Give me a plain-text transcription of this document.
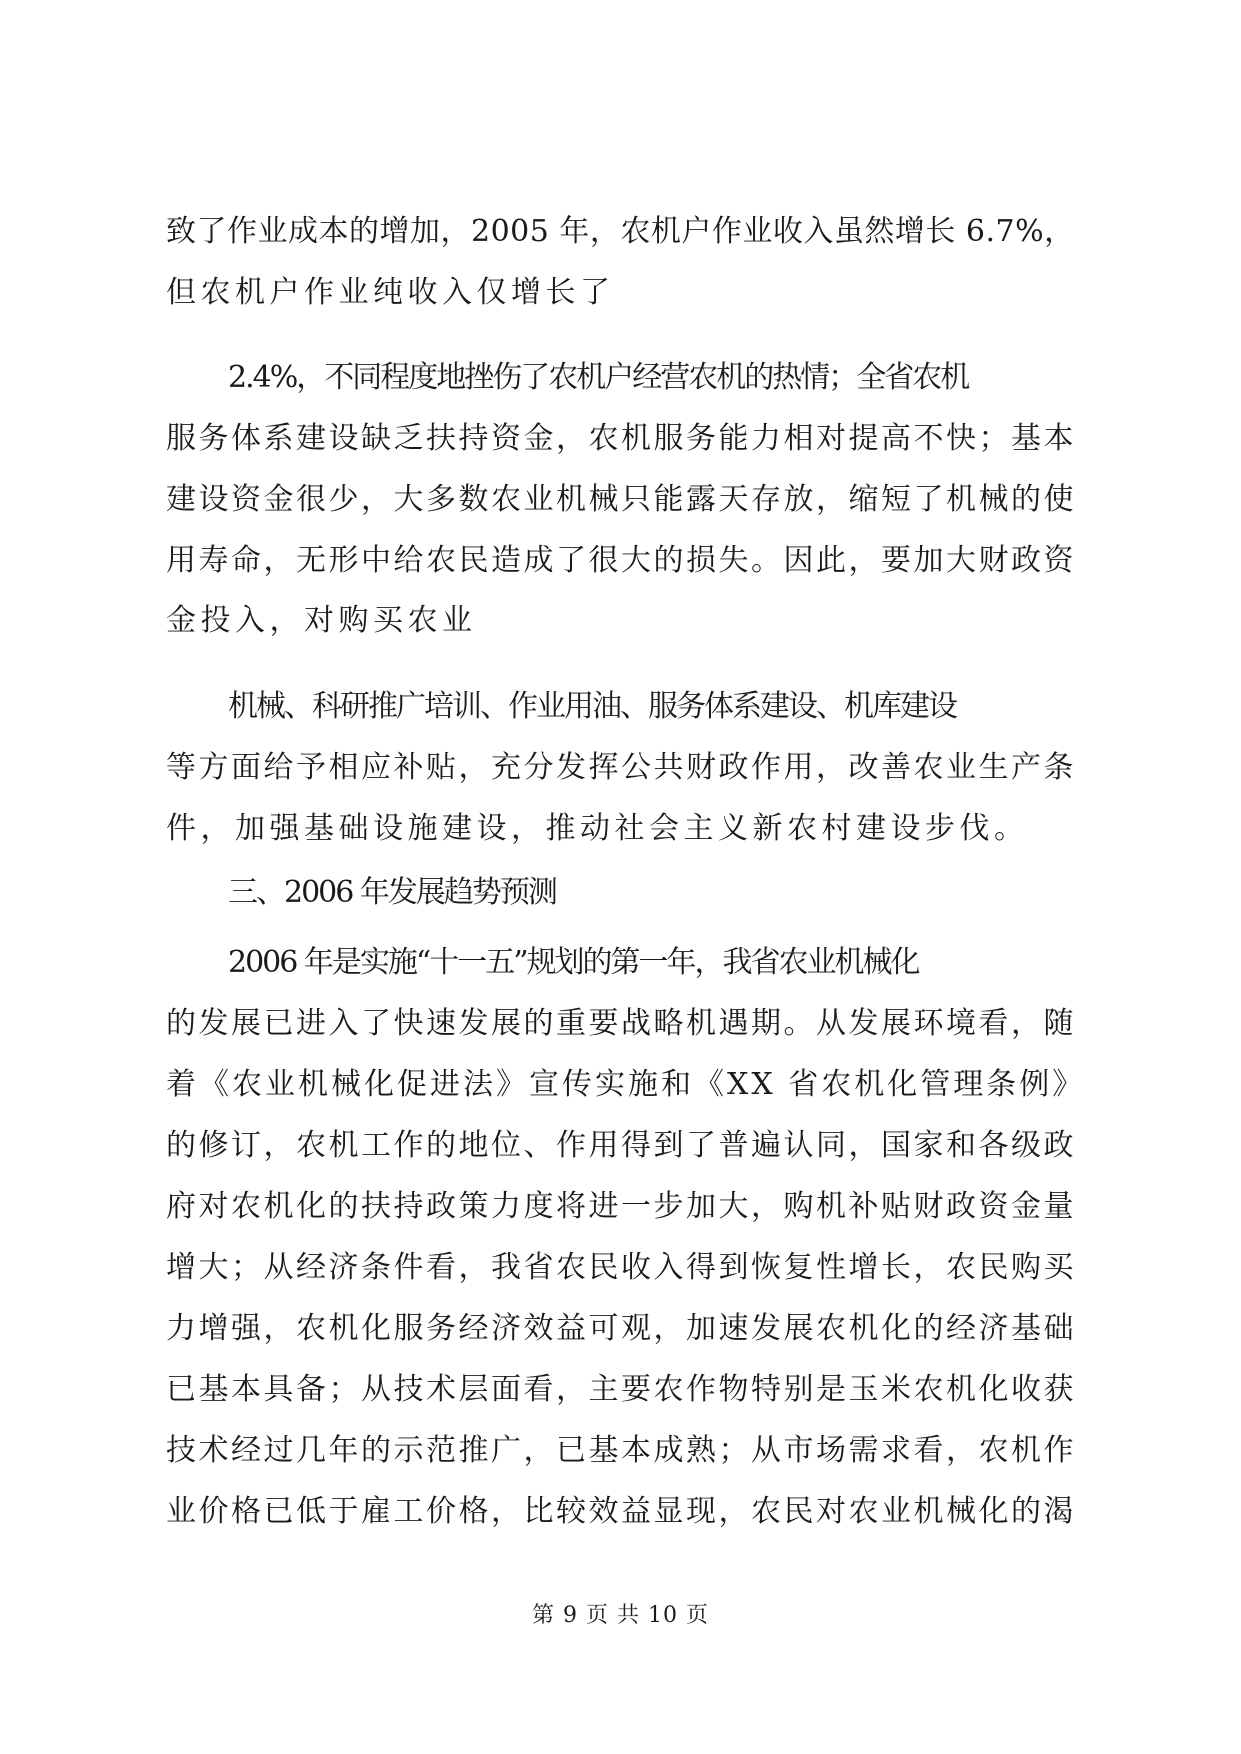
致了作业成本的增加，2005 年，农机户作业收入虽然增长 6.7%，
但农机户作业纯收入仅增长了
2.4%，不同程度地挫伤了农机户经营农机的热情；全省农机
服务体系建设缺乏扶持资金，农机服务能力相对提高不快；基本
建设资金很少，大多数农业机械只能露天存放，缩短了机械的使
用寿命，无形中给农民造成了很大的损失。因此，要加大财政资
金投入，对购买农业
机械、科研推广培训、作业用油、服务体系建设、机库建设
等方面给予相应补贴，充分发挥公共财政作用，改善农业生产条
件，加强基础设施建设，推动社会主义新农村建设步伐。
三、2006 年发展趋势预测
2006 年是实施“十一五”规划的第一年，我省农业机械化
的发展已进入了快速发展的重要战略机遇期。从发展环境看，随
着《农业机械化促进法》宣传实施和《XX 省农机化管理条例》
的修订，农机工作的地位、作用得到了普遍认同，国家和各级政
府对农机化的扶持政策力度将进一步加大，购机补贴财政资金量
增大；从经济条件看，我省农民收入得到恢复性增长，农民购买
力增强，农机化服务经济效益可观，加速发展农机化的经济基础
已基本具备；从技术层面看，主要农作物特别是玉米农机化收获
技术经过几年的示范推广，已基本成熟；从市场需求看，农机作
业价格已低于雇工价格，比较效益显现，农民对农业机械化的渴
第 9 页 共 10 页
